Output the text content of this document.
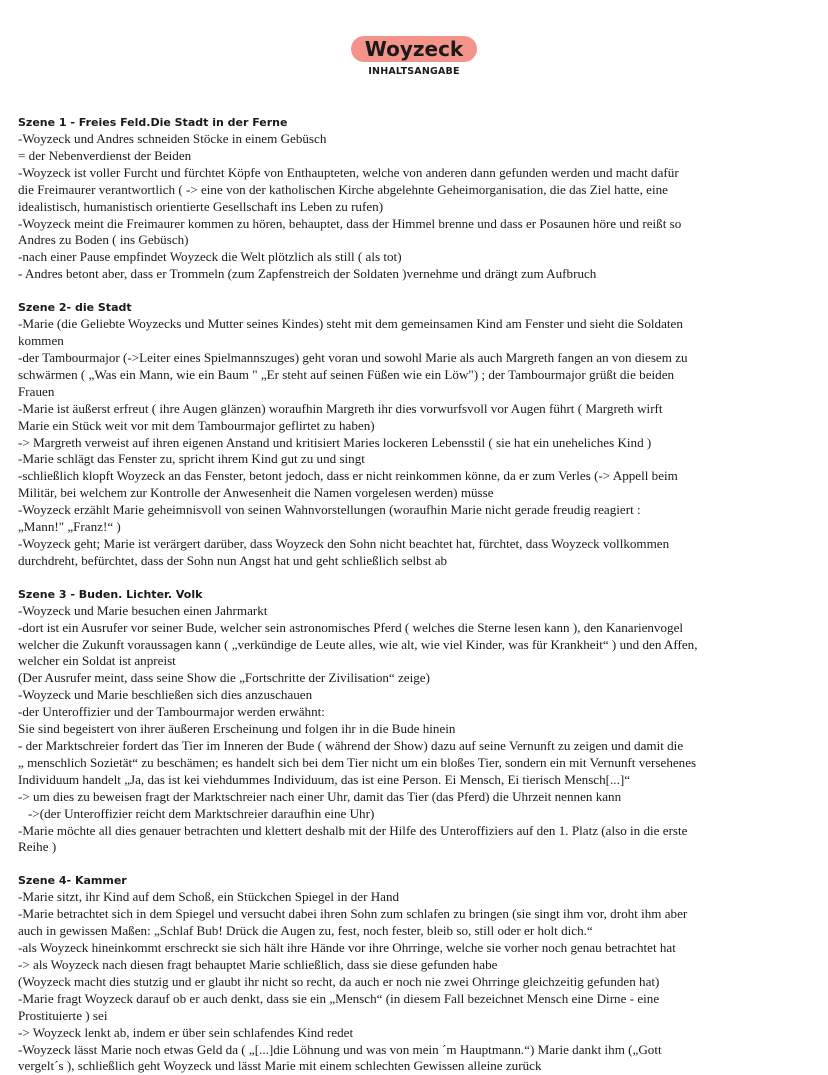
Woyzeck
INHALTSANGABE
Szene 1 - Freies Feld.Die Stadt in der Ferne
-Woyzeck und Andres schneiden Stöcke in einem Gebüsch
= der Nebenverdienst der Beiden
-Woyzeck ist voller Furcht und fürchtet Köpfe von Enthaupteten, welche von anderen dann gefunden werden und macht dafür
die Freimaurer verantwortlich ( -> eine von der katholischen Kirche abgelehnte Geheimorganisation, die das Ziel hatte, eine
idealistisch, humanistisch orientierte Gesellschaft ins Leben zu rufen)
-Woyzeck meint die Freimaurer kommen zu hören, behauptet, dass der Himmel brenne und dass er Posaunen höre und reißt so
Andres zu Boden ( ins Gebüsch)
-nach einer Pause empfindet Woyzeck die Welt plötzlich als still ( als tot)
- Andres betont aber, dass er Trommeln (zum Zapfenstreich der Soldaten )vernehme und drängt zum Aufbruch
Szene 2- die Stadt
-Marie (die Geliebte Woyzecks und Mutter seines Kindes) steht mit dem gemeinsamen Kind am Fenster und sieht die Soldaten
kommen
-der Tambourmajor (->Leiter eines Spielmannszuges) geht voran und sowohl Marie als auch Margreth fangen an von diesem zu
schwärmen ( „Was ein Mann, wie ein Baum " „Er steht auf seinen Füßen wie ein Löw") ; der Tambourmajor grüßt die beiden
Frauen
-Marie ist äußerst erfreut ( ihre Augen glänzen) woraufhin Margreth ihr dies vorwurfsvoll vor Augen führt ( Margreth wirft
Marie ein Stück weit vor mit dem Tambourmajor geflirtet zu haben)
-> Margreth verweist auf ihren eigenen Anstand und kritisiert Maries lockeren Lebensstil ( sie hat ein uneheliches Kind )
-Marie schlägt das Fenster zu, spricht ihrem Kind gut zu und singt
-schließlich klopft Woyzeck an das Fenster, betont jedoch, dass er nicht reinkommen könne, da er zum Verles (-> Appell beim
Militär, bei welchem zur Kontrolle der Anwesenheit die Namen vorgelesen werden) müsse
-Woyzeck erzählt Marie geheimnisvoll von seinen Wahnvorstellungen (woraufhin Marie nicht gerade freudig reagiert :
„Mann!" „Franz!“ )
-Woyzeck geht; Marie ist verärgert darüber, dass Woyzeck den Sohn nicht beachtet hat, fürchtet, dass Woyzeck vollkommen
durchdreht, befürchtet, dass der Sohn nun Angst hat und geht schließlich selbst ab
Szene 3 - Buden. Lichter. Volk
-Woyzeck und Marie besuchen einen Jahrmarkt
-dort ist ein Ausrufer vor seiner Bude, welcher sein astronomisches Pferd ( welches die Sterne lesen kann ), den Kanarienvogel
welcher die Zukunft voraussagen kann ( „verkündige de Leute alles, wie alt, wie viel Kinder, was für Krankheit“ ) und den Affen,
welcher ein Soldat ist anpreist
(Der Ausrufer meint, dass seine Show die „Fortschritte der Zivilisation“ zeige)
-Woyzeck und Marie beschließen sich dies anzuschauen
-der Unteroffizier und der Tambourmajor werden erwähnt:
Sie sind begeistert von ihrer äußeren Erscheinung und folgen ihr in die Bude hinein
- der Marktschreier fordert das Tier im Inneren der Bude ( während der Show) dazu auf seine Vernunft zu zeigen und damit die
„ menschlich Sozietät“ zu beschämen; es handelt sich bei dem Tier nicht um ein bloßes Tier, sondern ein mit Vernunft versehenes
Individuum handelt „Ja, das ist kei viehdummes Individuum, das ist eine Person. Ei Mensch, Ei tierisch Mensch[...]“
-> um dies zu beweisen fragt der Marktschreier nach einer Uhr, damit das Tier (das Pferd) die Uhrzeit nennen kann
->(der Unteroffizier reicht dem Marktschreier daraufhin eine Uhr)
-Marie möchte all dies genauer betrachten und klettert deshalb mit der Hilfe des Unteroffiziers auf den 1. Platz (also in die erste
Reihe )
Szene 4- Kammer
-Marie sitzt, ihr Kind auf dem Schoß, ein Stückchen Spiegel in der Hand
-Marie betrachtet sich in dem Spiegel und versucht dabei ihren Sohn zum schlafen zu bringen (sie singt ihm vor, droht ihm aber
auch in gewissen Maßen: „Schlaf Bub! Drück die Augen zu, fest, noch fester, bleib so, still oder er holt dich.“
-als Woyzeck hineinkommt erschreckt sie sich hält ihre Hände vor ihre Ohrringe, welche sie vorher noch genau betrachtet hat
-> als Woyzeck nach diesen fragt behauptet Marie schließlich, dass sie diese gefunden habe
(Woyzeck macht dies stutzig und er glaubt ihr nicht so recht, da auch er noch nie zwei Ohrringe gleichzeitig gefunden hat)
-Marie fragt Woyzeck darauf ob er auch denkt, dass sie ein „Mensch“ (in diesem Fall bezeichnet Mensch eine Dirne - eine
Prostituierte ) sei
-> Woyzeck lenkt ab, indem er über sein schlafendes Kind redet
-Woyzeck lässt Marie noch etwas Geld da ( „[...]die Löhnung und was von mein ´m Hauptmann.“) Marie dankt ihm („Gott
vergelt´s ), schließlich geht Woyzeck und lässt Marie mit einem schlechten Gewissen alleine zurück
